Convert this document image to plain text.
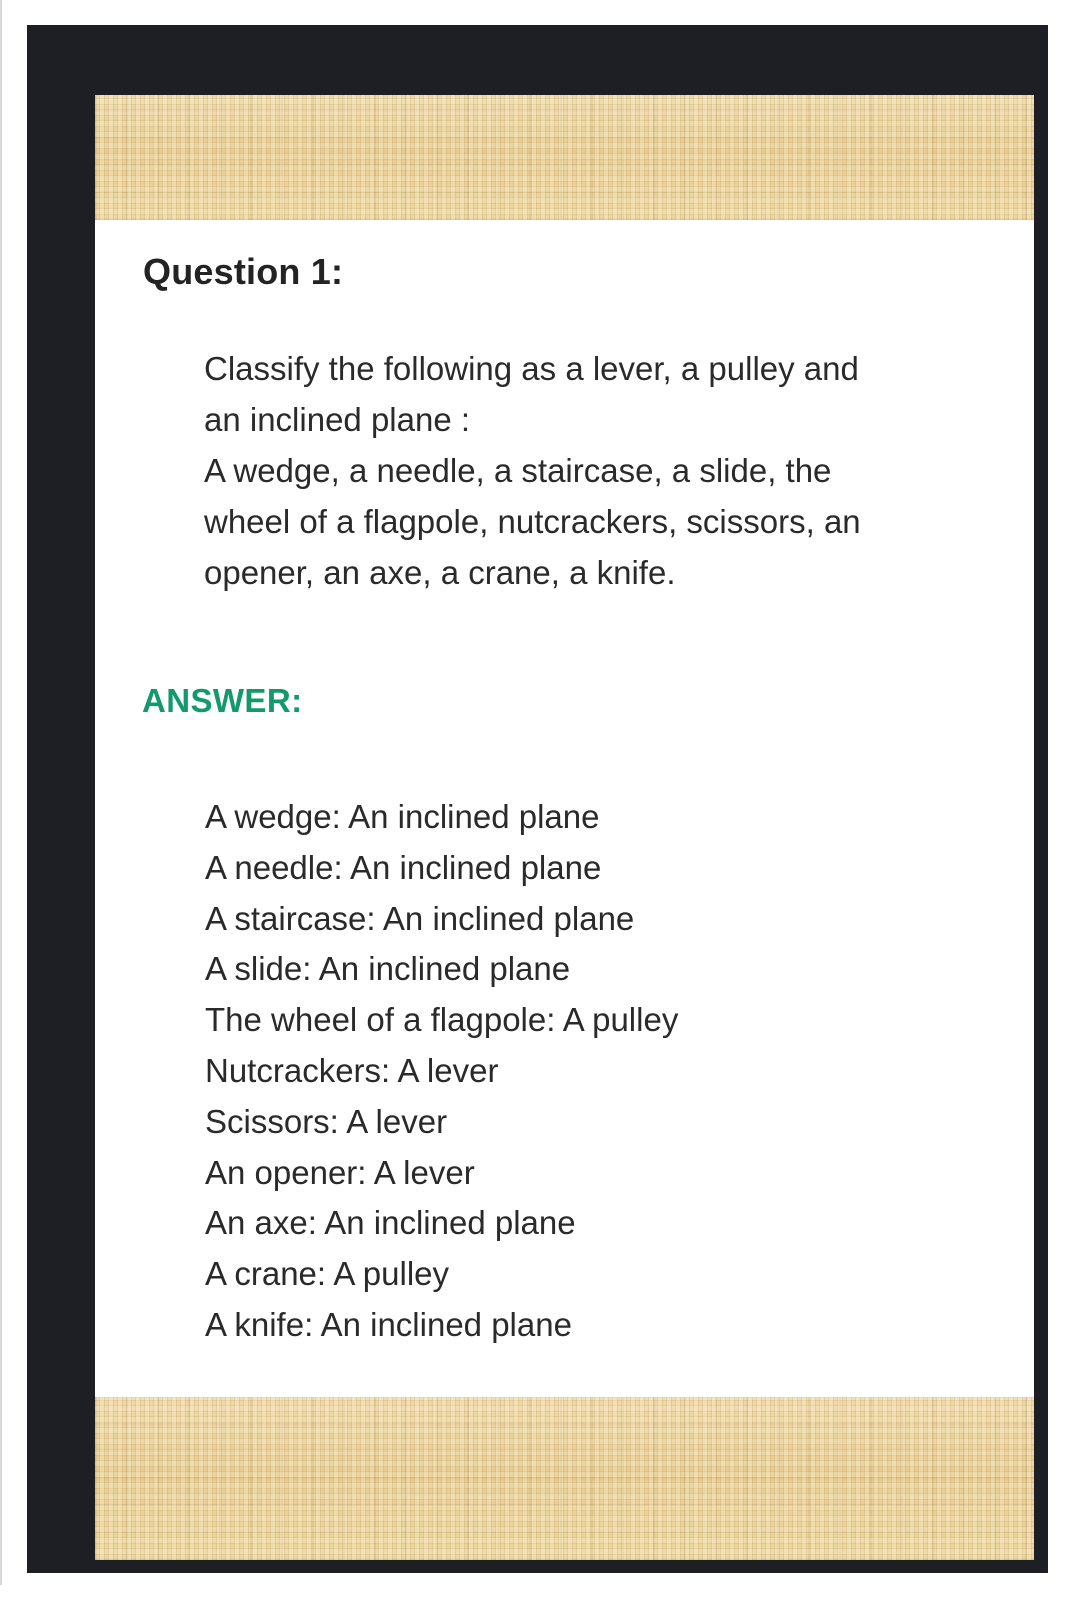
Question 1:
Classify the following as a lever, a pulley and
an inclined plane :
A wedge, a needle, a staircase, a slide, the
wheel of a flagpole, nutcrackers, scissors, an
opener, an axe, a crane, a knife.
ANSWER:
A wedge: An inclined plane
A needle: An inclined plane
A staircase: An inclined plane
A slide: An inclined plane
The wheel of a flagpole: A pulley
Nutcrackers: A lever
Scissors: A lever
An opener: A lever
An axe: An inclined plane
A crane: A pulley
A knife: An inclined plane
